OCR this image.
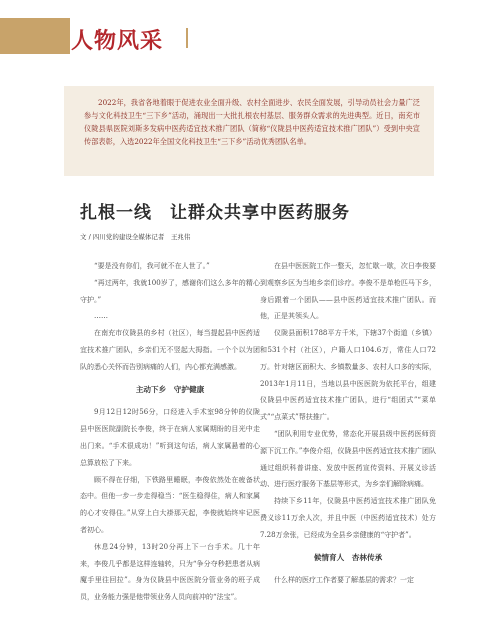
人物风采

2022年，我省各地着眼于促进农业全面升级、农村全面进步、农民全面发展，引导动员社会力量广泛参与文化科技卫生“三下乡”活动，涌现出一大批扎根农村基层、服务群众需求的先进典型。近日，南充市仪陇县県医院刘斯多发病中医药适宜技术推广团队（简称“仪陇县中医药适宜技术推广团队”）受到中央宣传部表彰，入选2022年全国文化科技卫生“三下乡”活动优秀团队名单。

扎根一线　让群众共享中医药服务
文 / 四川党的建设全媒体记者　王兆伟

“要是没有你们，我可就不在人世了。”

“再过两年，我就100岁了，感谢你们这么多年的精心守护。”

……

在南充市仪陇县的乡村（社区），每当提起县中医药适宜技术推广团队，乡亲们无不竖起大拇指。一个个以为团队的悉心关怀而告别病痛的人们，内心都充满感激。

主动下乡　守护健康

9月12日12时56分，口经进入手术室98分钟的仪陇县中医医院副院长李俊，终于在病人家属期盼的目光中走出门来。“手术很成功！”听到这句话，病人家属悬着的心总算放松了下来。

顾不得在仔细，下铁路里睡眠，李俊依然处在疲备状态中。但他一步一步走得稳当：“医生稳得住，病人和家属的心才安得住。”从穿上白大褂那天起，李俊就始终牢记医者初心。

休息24分钟，13时20分再上下一台手术。几十年来，李俊几乎都是这样连轴转，只为“争分夺秒把患者从病魔手里往回拉”。身为仪陇县中医医院分管业务的班子成员，业务能力强是他带领业务人员向前冲的“法宝”。

在县中医医院工作一整天，忽忙歇一歇，次日李俊要到观察乡区为当地乡亲们诊疗。李俊不是单枪匹马下乡，身后跟着一个团队——县中医药适宜技术推广团队。而他，正是其领头人。

仪陇县面积1788平方千米，下辖37个街道（乡镇）和531个村（社区），户籍人口104.6万，常住人口72万。针对辖区面积大、乡镇数量多、农村人口多的实际，2013年1月11日，当地以县中医医院为依托平台，组建仪陇县中医药适宜技术推广团队，进行“组团式”“菜单式”“点菜式”帮扶推广。

“团队利用专业优势，常态化开展县级中医药医师资源下沉工作。”李俊介绍，仪陇县中医药适宜技术推广团队通过组织科普讲座、发放中医药宣传资料、开展义诊活动、进行医疗服务下基层等形式，为乡亲们解除病痛。

持续下乡11年，仪陇县中医药适宜技术推广团队免费义诊11万余人次，并且中医（中医药适宜技术）处方7.28万余张，已经成为全县乡亲健康的“守护者”。

候情育人　杏林传承

什么样的医疗工作者要了解基层的需求？一定
